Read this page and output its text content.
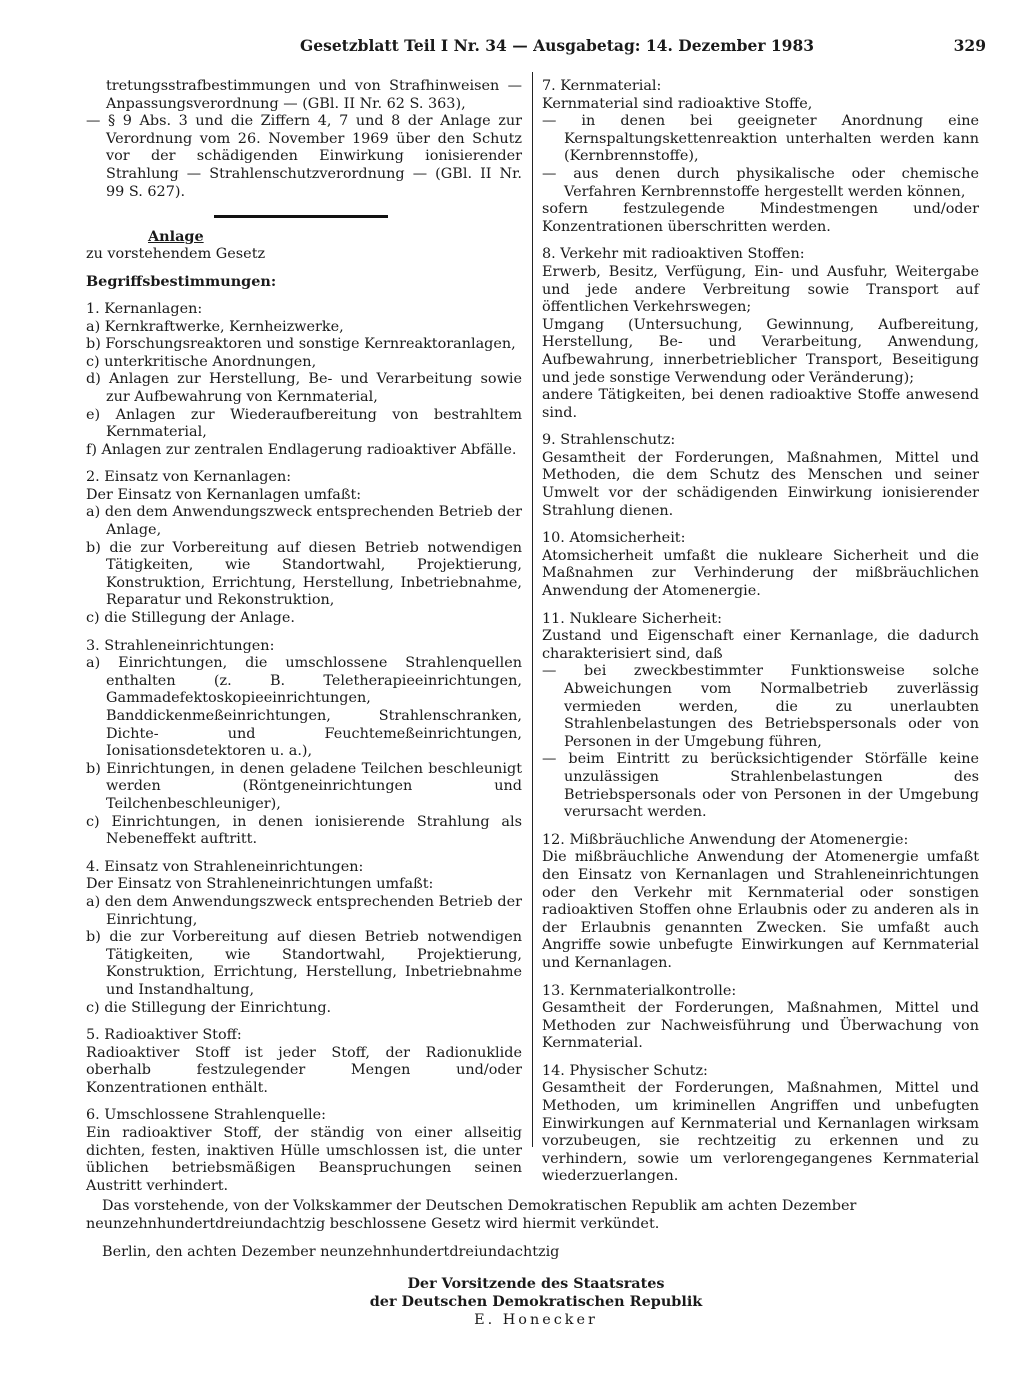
Gesetzblatt Teil I Nr. 34 — Ausgabetag: 14. Dezember 1983	329

tretungsstrafbestimmungen und von Strafhinweisen — Anpassungsverordnung — (GBl. II Nr. 62 S. 363),

— § 9 Abs. 3 und die Ziffern 4, 7 und 8 der Anlage zur Verordnung vom 26. November 1969 über den Schutz vor der schädigenden Einwirkung ionisierender Strahlung — Strahlenschutzverordnung — (GBl. II Nr. 99 S. 627).

Anlage

zu vorstehendem Gesetz

Begriffsbestimmungen:

1. Kernanlagen:

a) Kernkraftwerke, Kernheizwerke,

b) Forschungsreaktoren und sonstige Kernreaktoranlagen,

c) unterkritische Anordnungen,

d) Anlagen zur Herstellung, Be- und Verarbeitung sowie zur Aufbewahrung von Kernmaterial,

e) Anlagen zur Wiederaufbereitung von bestrahltem Kernmaterial,

f) Anlagen zur zentralen Endlagerung radioaktiver Abfälle.

2. Einsatz von Kernanlagen:

Der Einsatz von Kernanlagen umfaßt:

a) den dem Anwendungszweck entsprechenden Betrieb der Anlage,

b) die zur Vorbereitung auf diesen Betrieb notwendigen Tätigkeiten, wie Standortwahl, Projektierung, Konstruktion, Errichtung, Herstellung, Inbetriebnahme, Reparatur und Rekonstruktion,

c) die Stillegung der Anlage.

3. Strahleneinrichtungen:

a) Einrichtungen, die umschlossene Strahlenquellen enthalten (z. B. Teletherapieeinrichtungen, Gammadefektoskopieeinrichtungen, Banddickenmeßeinrichtungen, Strahlenschranken, Dichte- und Feuchtemeßeinrichtungen, Ionisationsdetektoren u. a.),

b) Einrichtungen, in denen geladene Teilchen beschleunigt werden (Röntgeneinrichtungen und Teilchenbeschleuniger),

c) Einrichtungen, in denen ionisierende Strahlung als Nebeneffekt auftritt.

4. Einsatz von Strahleneinrichtungen:

Der Einsatz von Strahleneinrichtungen umfaßt:

a) den dem Anwendungszweck entsprechenden Betrieb der Einrichtung,

b) die zur Vorbereitung auf diesen Betrieb notwendigen Tätigkeiten, wie Standortwahl, Projektierung, Konstruktion, Errichtung, Herstellung, Inbetriebnahme und Instandhaltung,

c) die Stillegung der Einrichtung.

5. Radioaktiver Stoff:

Radioaktiver Stoff ist jeder Stoff, der Radionuklide oberhalb festzulegender Mengen und/oder Konzentrationen enthält.

6. Umschlossene Strahlenquelle:

Ein radioaktiver Stoff, der ständig von einer allseitig dichten, festen, inaktiven Hülle umschlossen ist, die unter üblichen betriebsmäßigen Beanspruchungen seinen Austritt verhindert.

7. Kernmaterial:

Kernmaterial sind radioaktive Stoffe,

— in denen bei geeigneter Anordnung eine Kernspaltungskettenreaktion unterhalten werden kann (Kernbrennstoffe),

— aus denen durch physikalische oder chemische Verfahren Kernbrennstoffe hergestellt werden können,

sofern festzulegende Mindestmengen und/oder Konzentrationen überschritten werden.

8. Verkehr mit radioaktiven Stoffen:

Erwerb, Besitz, Verfügung, Ein- und Ausfuhr, Weitergabe und jede andere Verbreitung sowie Transport auf öffentlichen Verkehrswegen;

Umgang (Untersuchung, Gewinnung, Aufbereitung, Herstellung, Be- und Verarbeitung, Anwendung, Aufbewahrung, innerbetrieblicher Transport, Beseitigung und jede sonstige Verwendung oder Veränderung);

andere Tätigkeiten, bei denen radioaktive Stoffe anwesend sind.

9. Strahlenschutz:

Gesamtheit der Forderungen, Maßnahmen, Mittel und Methoden, die dem Schutz des Menschen und seiner Umwelt vor der schädigenden Einwirkung ionisierender Strahlung dienen.

10. Atomsicherheit:

Atomsicherheit umfaßt die nukleare Sicherheit und die Maßnahmen zur Verhinderung der mißbräuchlichen Anwendung der Atomenergie.

11. Nukleare Sicherheit:

Zustand und Eigenschaft einer Kernanlage, die dadurch charakterisiert sind, daß

— bei zweckbestimmter Funktionsweise solche Abweichungen vom Normalbetrieb zuverlässig vermieden werden, die zu unerlaubten Strahlenbelastungen des Betriebspersonals oder von Personen in der Umgebung führen,

— beim Eintritt zu berücksichtigender Störfälle keine unzulässigen Strahlenbelastungen des Betriebspersonals oder von Personen in der Umgebung verursacht werden.

12. Mißbräuchliche Anwendung der Atomenergie:

Die mißbräuchliche Anwendung der Atomenergie umfaßt den Einsatz von Kernanlagen und Strahleneinrichtungen oder den Verkehr mit Kernmaterial oder sonstigen radioaktiven Stoffen ohne Erlaubnis oder zu anderen als in der Erlaubnis genannten Zwecken. Sie umfaßt auch Angriffe sowie unbefugte Einwirkungen auf Kernmaterial und Kernanlagen.

13. Kernmaterialkontrolle:

Gesamtheit der Forderungen, Maßnahmen, Mittel und Methoden zur Nachweisführung und Überwachung von Kernmaterial.

14. Physischer Schutz:

Gesamtheit der Forderungen, Maßnahmen, Mittel und Methoden, um kriminellen Angriffen und unbefugten Einwirkungen auf Kernmaterial und Kernanlagen wirksam vorzubeugen, sie rechtzeitig zu erkennen und zu verhindern, sowie um verlorengegangenes Kernmaterial wiederzuerlangen.

Das vorstehende, von der Volkskammer der Deutschen Demokratischen Republik am achten Dezember neunzehnhundertdreiundachtzig beschlossene Gesetz wird hiermit verkündet.

Berlin, den achten Dezember neunzehnhundertdreiundachtzig

Der Vorsitzende des Staatsrates

der Deutschen Demokratischen Republik

E. Honecker
